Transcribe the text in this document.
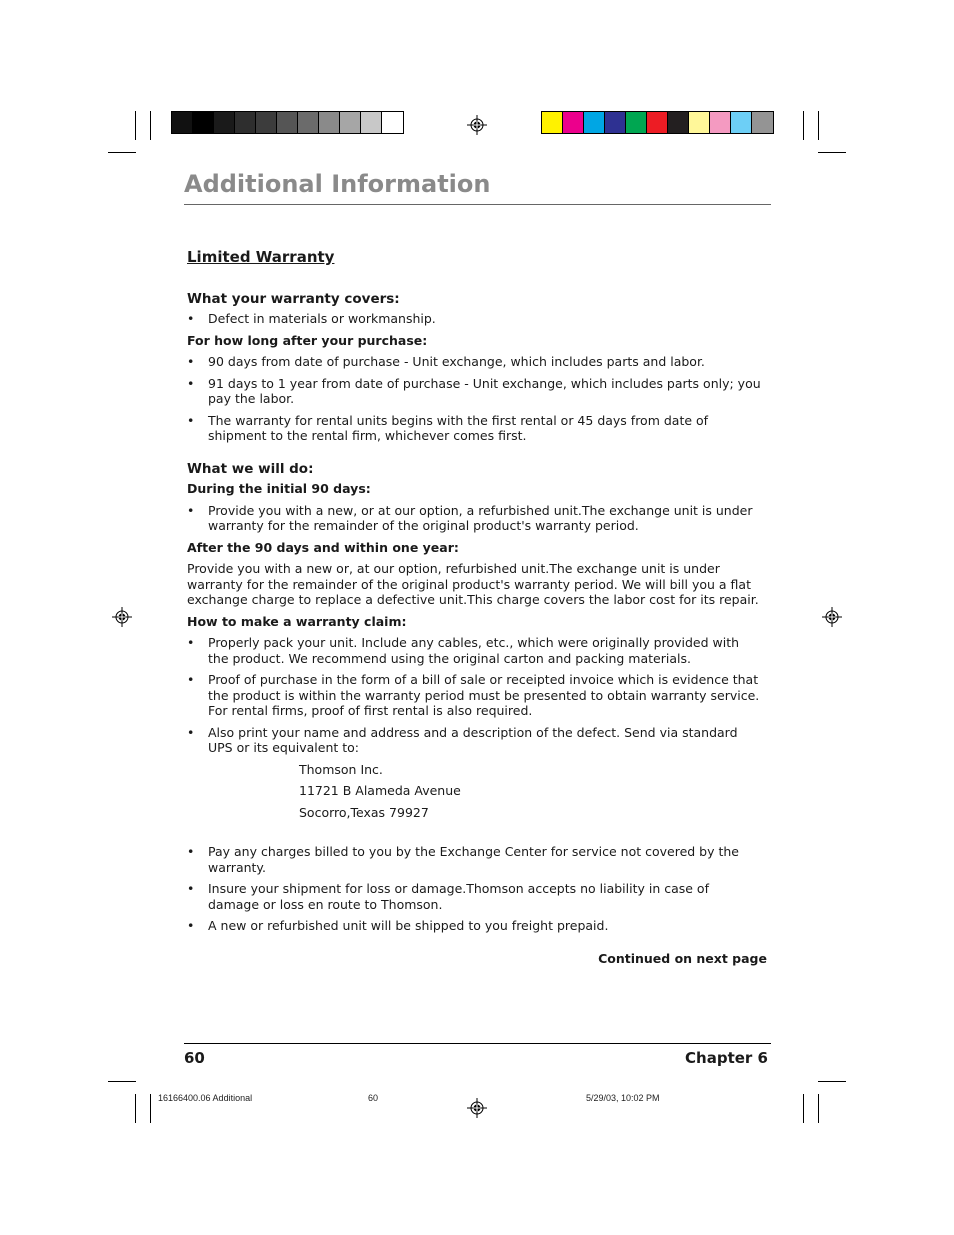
Additional Information
Limited Warranty
What your warranty covers:
• Defect in materials or workmanship.
For how long after your purchase:
• 90 days from date of purchase - Unit exchange, which includes parts and labor.
• 91 days to 1 year from date of purchase - Unit exchange, which includes parts only; you pay the labor.
• The warranty for rental units begins with the first rental or 45 days from date of shipment to the rental firm, whichever comes first.
What we will do:
During the initial 90 days:
• Provide you with a new, or at our option, a refurbished unit.The exchange unit is under warranty for the remainder of the original product's warranty period.
After the 90 days and within one year:

Provide you with a new or, at our option, refurbished unit.The exchange unit is under warranty for the remainder of the original product's warranty period. We will bill you a flat exchange charge to replace a defective unit.This charge covers the labor cost for its repair.

How to make a warranty claim:
• Properly pack your unit. Include any cables, etc., which were originally provided with the product. We recommend using the original carton and packing materials.
• Proof of purchase in the form of a bill of sale or receipted invoice which is evidence that the product is within the warranty period must be presented to obtain warranty service. For rental firms, proof of first rental is also required.
• Also print your name and address and a description of the defect. Send via standard UPS or its equivalent to:
Thomson Inc.
11721 B Alameda Avenue
Socorro,Texas 79927
• Pay any charges billed to you by the Exchange Center for service not covered by the warranty.
• Insure your shipment for loss or damage.Thomson accepts no liability in case of damage or loss en route to Thomson.
• A new or refurbished unit will be shipped to you freight prepaid.
Continued on next page
60	Chapter 6
16166400.06 Additional	60	5/29/03, 10:02 PM
